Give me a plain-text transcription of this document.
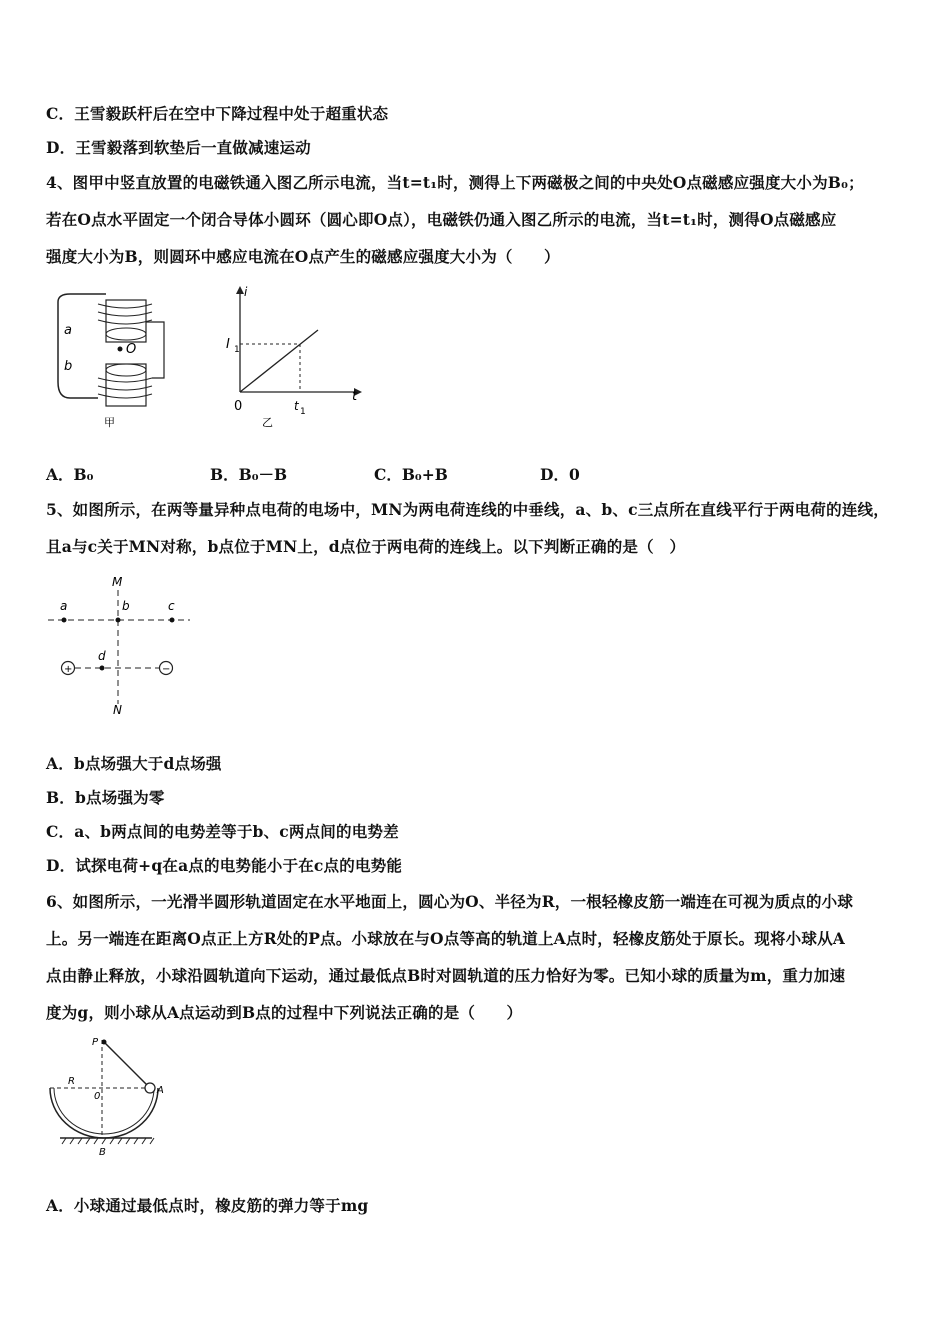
C．王雪毅跃杆后在空中下降过程中处于超重状态
D．王雪毅落到软垫后一直做减速运动
4、图甲中竖直放置的电磁铁通入图乙所示电流，当t=t₁时，测得上下两磁极之间的中央处O点磁感应强度大小为B₀；
若在O点水平固定一个闭合导体小圆环（圆心即O点），电磁铁仍通入图乙所示的电流，当t=t₁时，测得O点磁感应
强度大小为B，则圆环中感应电流在O点产生的磁感应强度大小为（　　）
a
b
O
甲
i
I 1
0
t
t 1
乙
A．B₀	B．B₀－B	C．B₀+B	D．0
5、如图所示，在两等量异种点电荷的电场中，MN为两电荷连线的中垂线，a、b、c三点所在直线平行于两电荷的连线，
且a与c关于MN对称，b点位于MN上，d点位于两电荷的连线上。以下判断正确的是（　）
+	−
M
N
a	b	c
d
A．b点场强大于d点场强
B．b点场强为零
C．a、b两点间的电势差等于b、c两点间的电势差
D．试探电荷+q在a点的电势能小于在c点的电势能
6、如图所示，一光滑半圆形轨道固定在水平地面上，圆心为O、半径为R，一根轻橡皮筋一端连在可视为质点的小球
上。另一端连在距离O点正上方R处的P点。小球放在与O点等高的轨道上A点时，轻橡皮筋处于原长。现将小球从A
点由静止释放，小球沿圆轨道向下运动，通过最低点B时对圆轨道的压力恰好为零。已知小球的质量为m，重力加速
度为g，则小球从A点运动到B点的过程中下列说法正确的是（　　）
P
R
0
A
B
A．小球通过最低点时，橡皮筋的弹力等于mg
